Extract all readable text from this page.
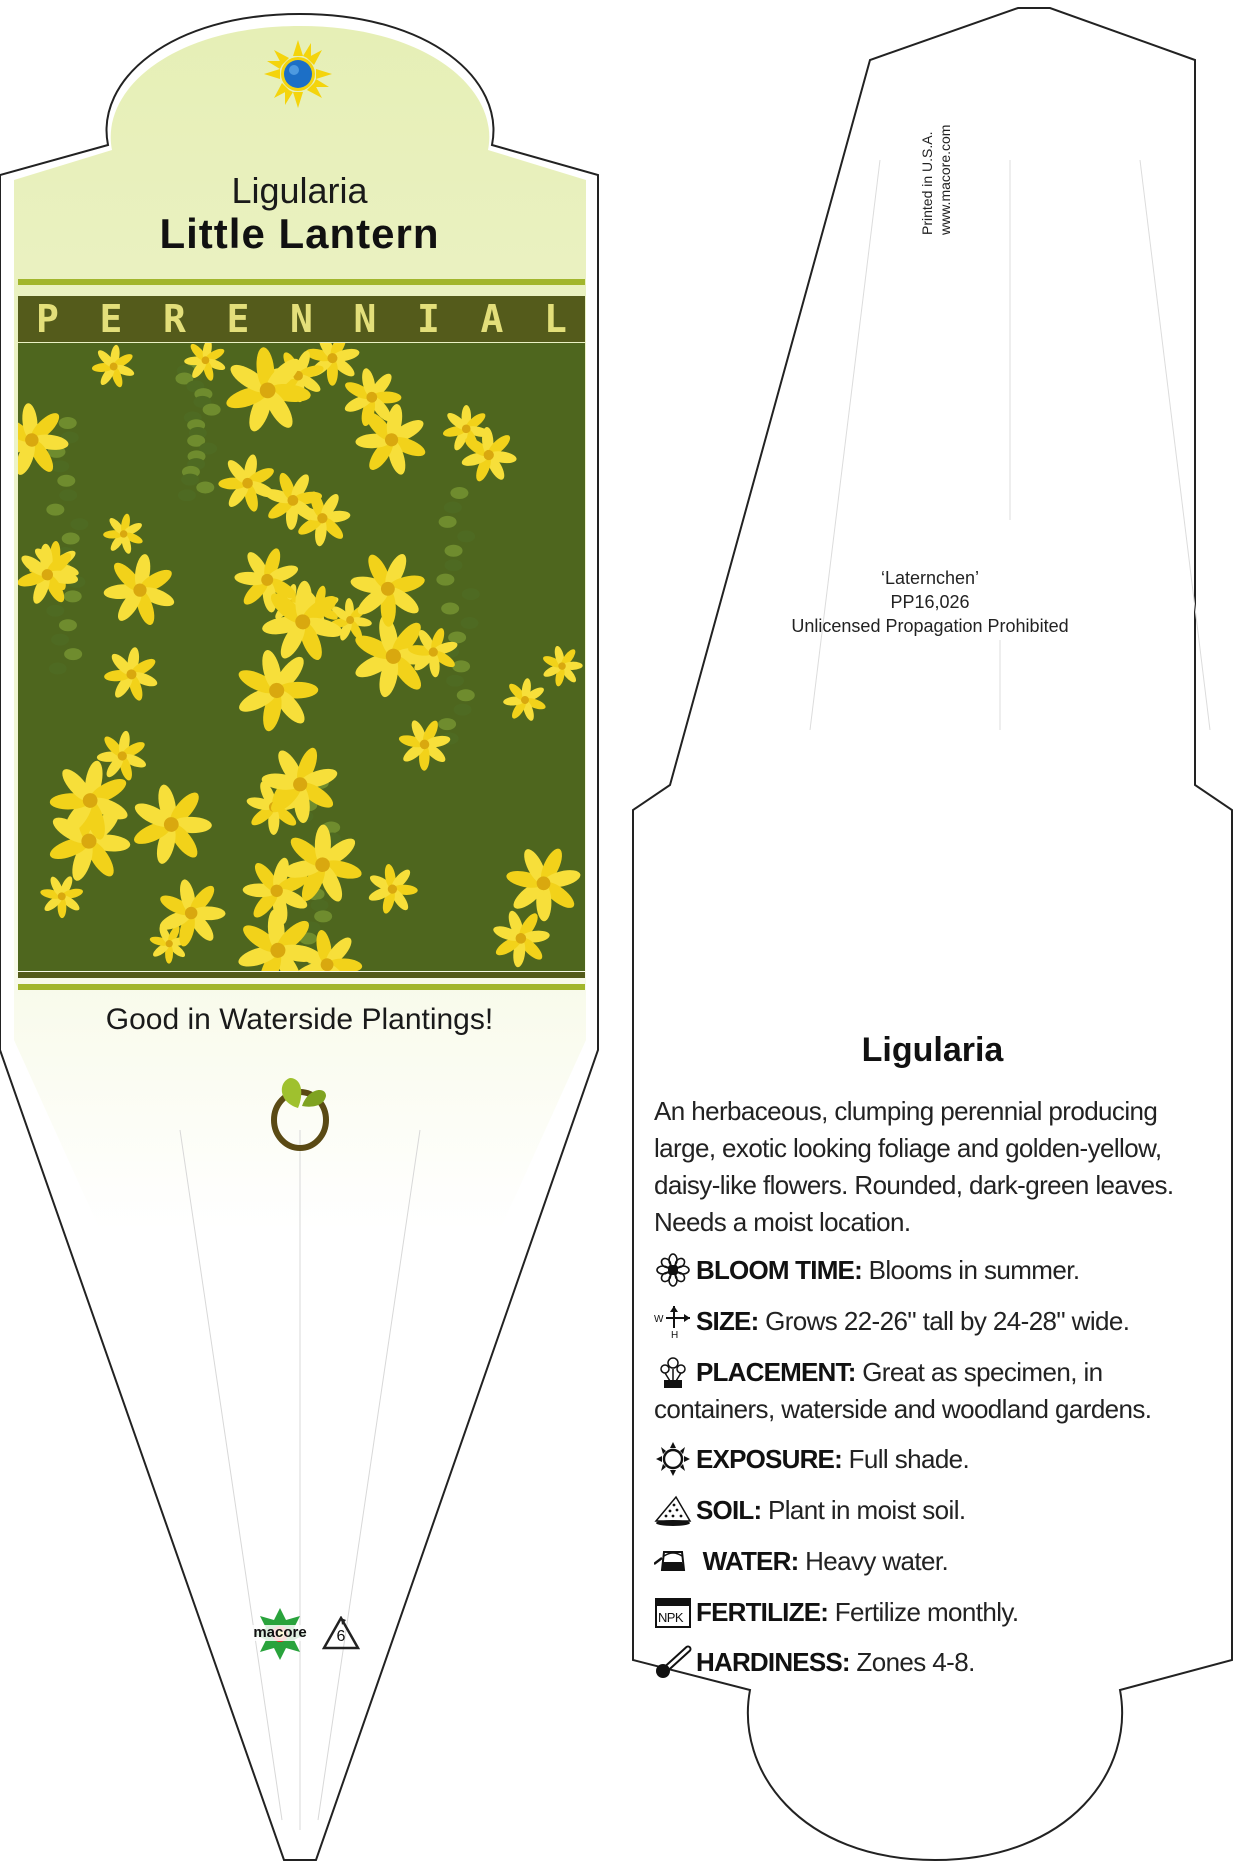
Ligularia
Little Lantern
P E R E N N I A L
Good in Waterside Plantings!
macore	6
Printed in U.S.A. www.macore.com
‘Laternchen’
PP16,026
Unlicensed Propagation Prohibited
Ligularia
An herbaceous, clumping perennial producing large, exotic looking foliage and golden-yellow, daisy-like flowers. Rounded, dark-green leaves. Needs a moist location.
BLOOM TIME: Blooms in summer.
W
H SIZE: Grows 22-26" tall by 24-28" wide.
PLACEMENT: Great as specimen, in containers, waterside and woodland gardens.
EXPOSURE: Full shade.
SOIL: Plant in moist soil.
WATER: Heavy water.
NPK FERTILIZE: Fertilize monthly.
HARDINESS: Zones 4-8.
